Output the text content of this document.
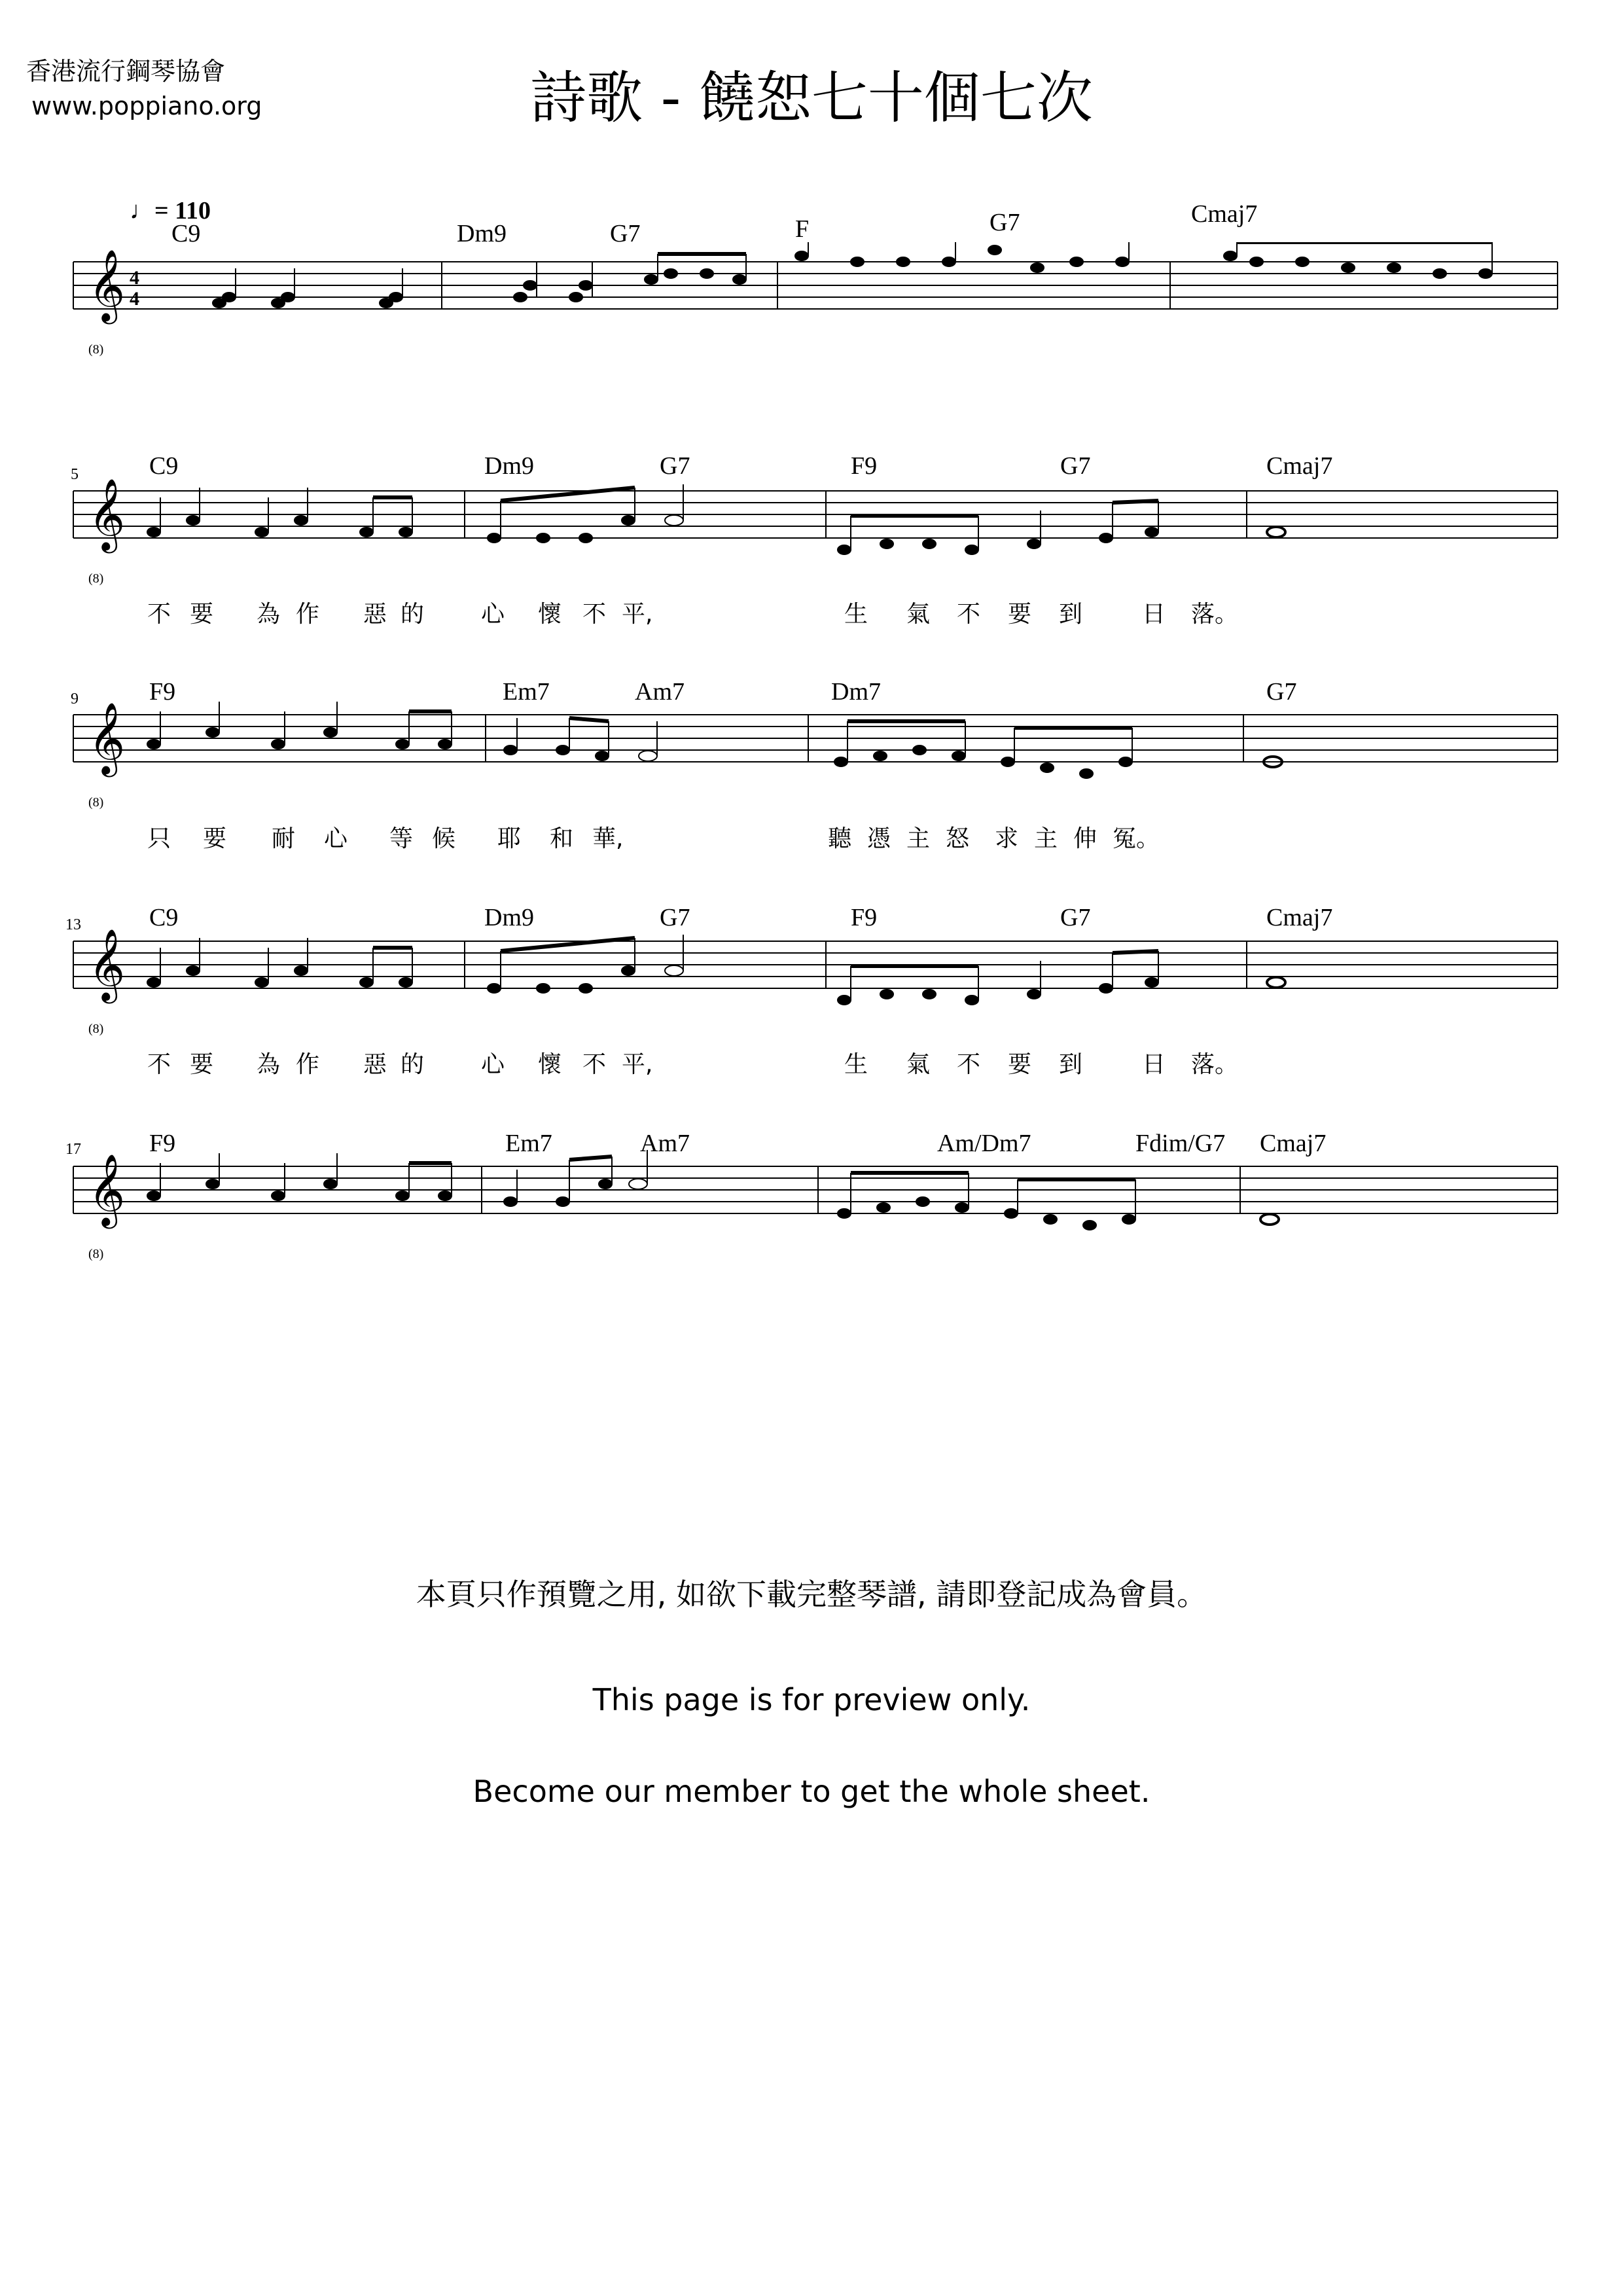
香港流行鋼琴協會
www.poppiano.org	詩歌 - 饒恕七十個七次
♩= 110
C9	Dm9	G7	F	G7	Cmaj7
𝄞 4
4
(8)
C9	Dm9	G7	F9	G7	Cmaj7
5
𝄞
(8)
不 要 為 作 惡 的 心 懷 不 平,	生 氣 不 要 到	日 落。
F9	Em7	Am7	Dm7	G7
9
𝄞
(8)
只 要 耐 心 等 候 耶 和 華,	聽 憑 主 怒 求 主 伸 冤。
C9	Dm9	G7	F9	G7	Cmaj7
13
𝄞
(8)
不 要 為 作 惡 的 心 懷 不 平,	生 氣 不 要 到	日 落。
F9	Em7	Am7	Am/Dm7	Fdim/G7 Cmaj7
17
𝄞
(8)
本頁只作預覽之用, 如欲下載完整琴譜, 請即登記成為會員。
This page is for preview only.
Become our member to get the whole sheet.
